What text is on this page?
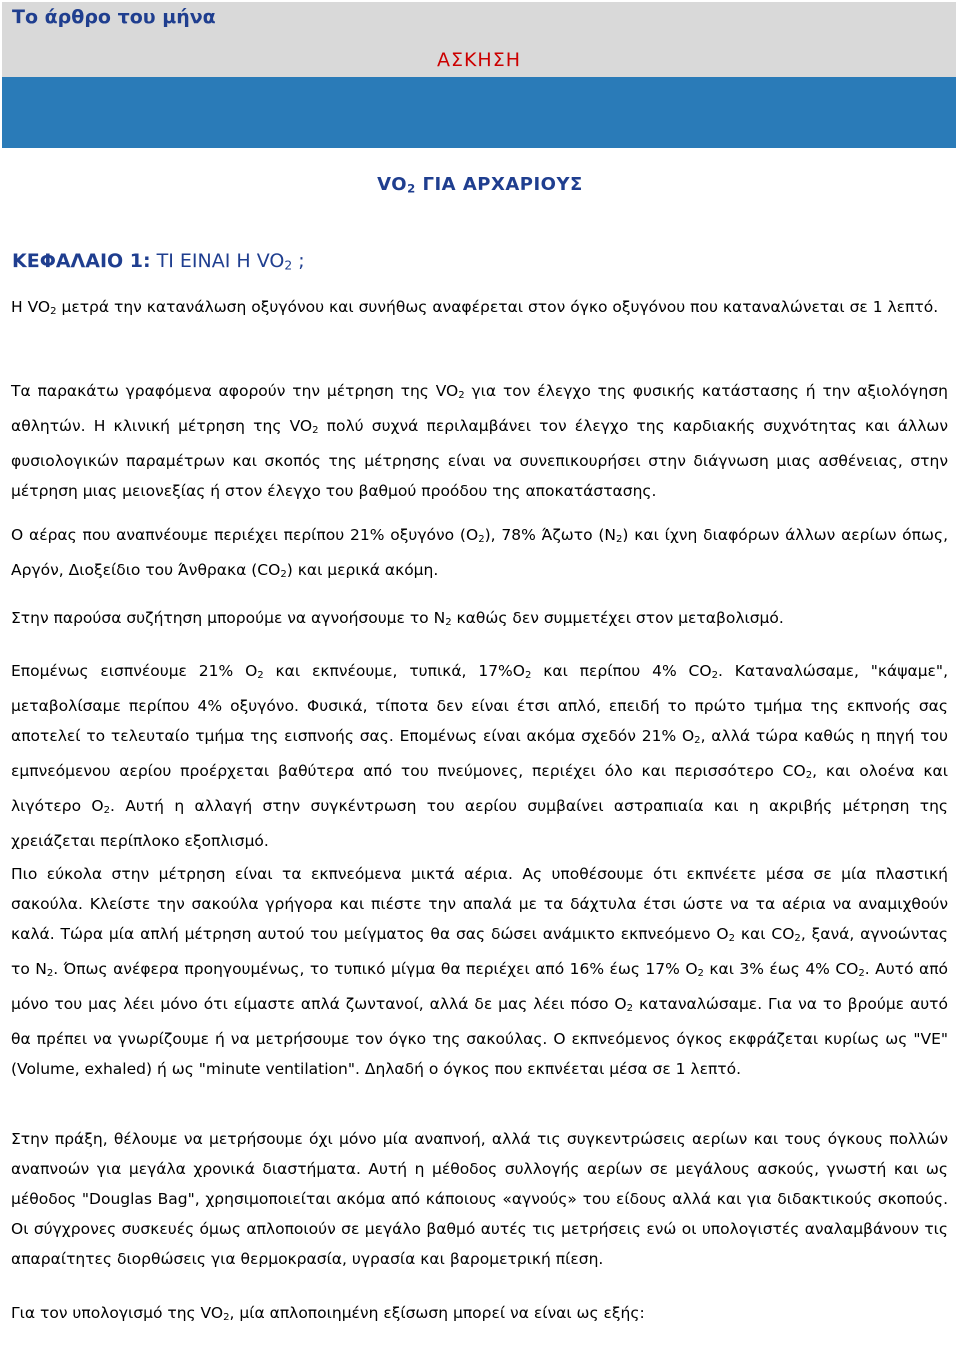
Το άρθρο του μήνα
ΑΣΚΗΣΗ
$VO_2$ ΓΙΑ ΑΡΧΑΡΙΟΥΣ
ΚΕΦΑΛΑΙΟ 1: ΤΙ ΕΙΝΑΙ Η $VO_2$ ;

Η $VO_2$ μετρά την κατανάλωση οξυγόνου και συνήθως αναφέρεται στον όγκο οξυγόνου που καταναλώνεται σε 1 λεπτό.

Τα παρακάτω γραφόμενα αφορούν την μέτρηση της $VO_2$ για τον έλεγχο της φυσικής κατάστασης ή την αξιολόγηση αθλητών. Η κλινική μέτρηση της $VO_2$ πολύ συχνά περιλαμβάνει τον έλεγχο της καρδιακής συχνότητας και άλλων φυσιολογικών παραμέτρων και σκοπός της μέτρησης είναι να συνεπικουρήσει στην διάγνωση μιας ασθένειας, στην μέτρηση μιας μειονεξίας ή στον έλεγχο του βαθμού προόδου της αποκατάστασης.

Ο αέρας που αναπνέουμε περιέχει περίπου 21% οξυγόνο $(O_2)$, 78% Άζωτο $(N_2)$ και ίχνη διαφόρων άλλων αερίων όπως, Αργόν, Διοξείδιο του Άνθρακα $(CO_2)$ και μερικά ακόμη.

Στην παρούσα συζήτηση μπορούμε να αγνοήσουμε το $N_2$ καθώς δεν συμμετέχει στον μεταβολισμό.

Επομένως εισπνέουμε 21% $O_2$ και εκπνέουμε, τυπικά, $17\%O_2$ και περίπου 4% $CO_2$. Καταναλώσαμε, "κάψαμε", μεταβολίσαμε περίπου 4% οξυγόνο. Φυσικά, τίποτα δεν είναι έτσι απλό, επειδή το πρώτο τμήμα της εκπνοής σας αποτελεί το τελευταίο τμήμα της εισπνοής σας. Επομένως είναι ακόμα σχεδόν 21% $O_2$, αλλά τώρα καθώς η πηγή του εμπνεόμενου αερίου προέρχεται βαθύτερα από του πνεύμονες, περιέχει όλο και περισσότερο $CO_2$, και ολοένα και λιγότερο $O_2$. Αυτή η αλλαγή στην συγκέντρωση του αερίου συμβαίνει αστραπιαία και η ακριβής μέτρηση της χρειάζεται περίπλοκο εξοπλισμό.

Πιο εύκολα στην μέτρηση είναι τα εκπνεόμενα μικτά αέρια. Ας υποθέσουμε ότι εκπνέετε μέσα σε μία πλαστική σακούλα. Κλείστε την σακούλα γρήγορα και πιέστε την απαλά με τα δάχτυλα έτσι ώστε να τα αέρια να αναμιχθούν καλά. Τώρα μία απλή μέτρηση αυτού του μείγματος θα σας δώσει ανάμικτο εκπνεόμενο $O_2$ και $CO_2$, ξανά, αγνοώντας το $N_2$. Όπως ανέφερα προηγουμένως, το τυπικό μίγμα θα περιέχει από 16% έως 17% $O_2$ και 3% έως 4% $CO_2$. Αυτό από μόνο του μας λέει μόνο ότι είμαστε απλά ζωντανοί, αλλά δε μας λέει πόσο $O_2$ καταναλώσαμε. Για να το βρούμε αυτό θα πρέπει να γνωρίζουμε ή να μετρήσουμε τον όγκο της σακούλας. Ο εκπνεόμενος όγκος εκφράζεται κυρίως ως "VE" (Volume, exhaled) ή ως "minute ventilation". Δηλαδή ο όγκος που εκπνέεται μέσα σε 1 λεπτό.

Στην πράξη, θέλουμε να μετρήσουμε όχι μόνο μία αναπνοή, αλλά τις συγκεντρώσεις αερίων και τους όγκους πολλών αναπνοών για μεγάλα χρονικά διαστήματα. Αυτή η μέθοδος συλλογής αερίων σε μεγάλους ασκούς, γνωστή και ως μέθοδος "Douglas Bag", χρησιμοποιείται ακόμα από κάποιους «αγνούς» του είδους αλλά και για διδακτικούς σκοπούς. Οι σύγχρονες συσκευές όμως απλοποιούν σε μεγάλο βαθμό αυτές τις μετρήσεις ενώ οι υπολογιστές αναλαμβάνουν τις απαραίτητες διορθώσεις για θερμοκρασία, υγρασία και βαρομετρική πίεση.

Για τον υπολογισμό της $VO_2$, μία απλοποιημένη εξίσωση μπορεί να είναι ως εξής:
